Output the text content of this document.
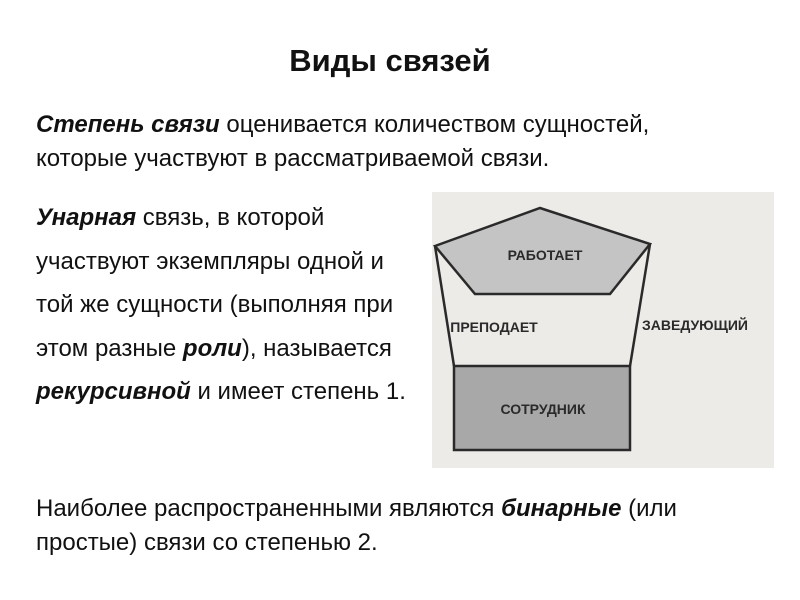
Виды связей

Степень связи оценивается количеством сущностей, которые участвуют в рассматриваемой связи.

Унарная связь, в которой участвуют экземпляры одной и той же сущности (выполняя при этом разные роли), называется рекурсивной и имеет степень 1.

Наиболее распространенными являются бинарные (или простые) связи со степенью 2.

РАБОТАЕТ
ПРЕПОДАЕТ	ЗАВЕДУЮЩИЙ
СОТРУДНИК
